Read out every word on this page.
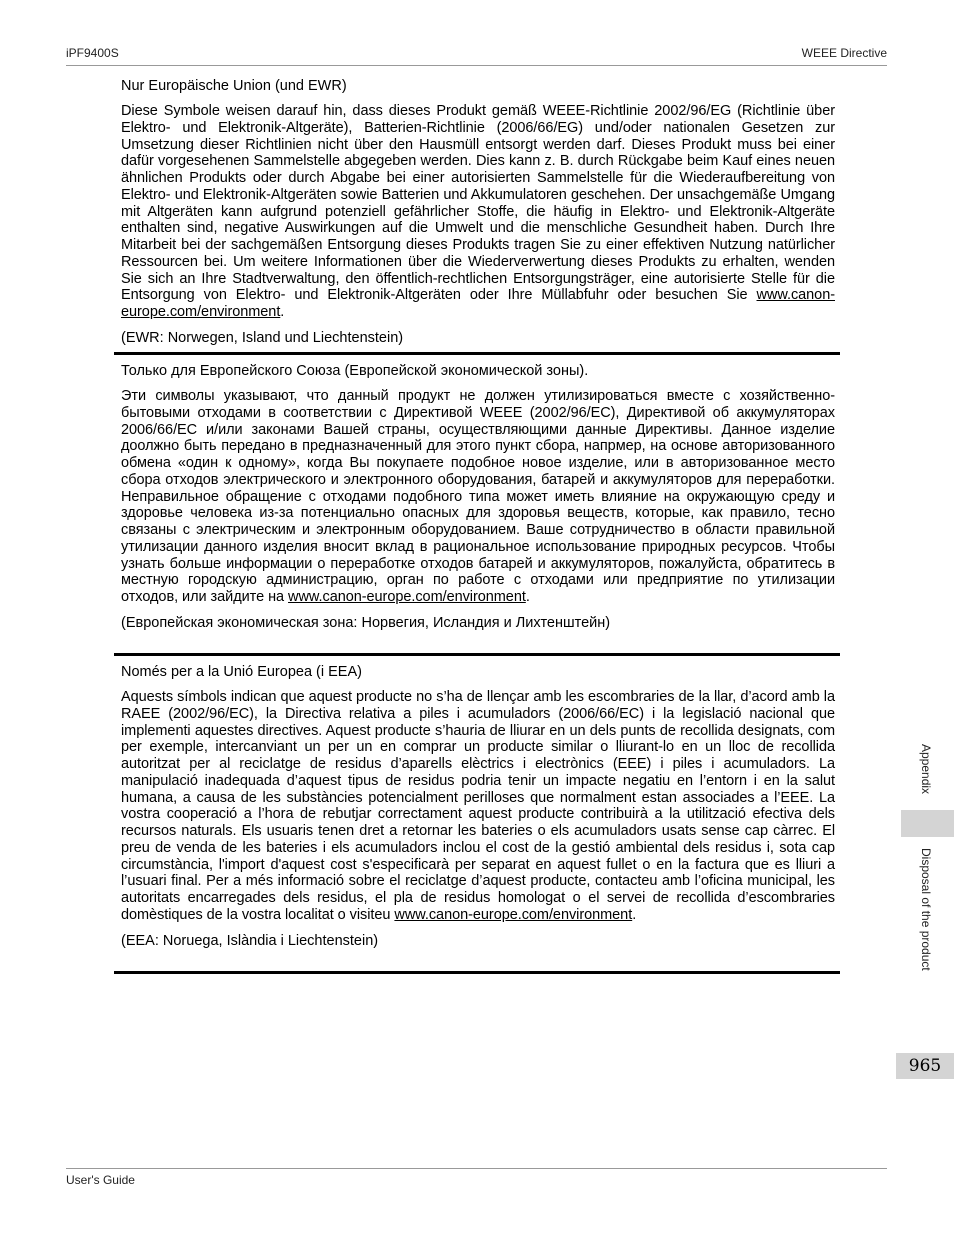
iPF9400S	WEEE Directive

Nur Europäische Union (und EWR)

Diese Symbole weisen darauf hin, dass dieses Produkt gemäß WEEE-Richtlinie 2002/96/EG (Richtlinie über Elektro- und Elektronik-Altgeräte), Batterien-Richtlinie (2006/66/EG) und/oder nationalen Gesetzen zur Umsetzung dieser Richtlinien nicht über den Hausmüll entsorgt werden darf. Dieses Produkt muss bei einer dafür vorgesehenen Sammelstelle abgegeben werden. Dies kann z. B. durch Rückgabe beim Kauf eines neuen ähnlichen Produkts oder durch Abgabe bei einer autorisierten Sammelstelle für die Wiederaufbereitung von Elektro- und Elektronik-Altgeräten sowie Batterien und Akkumulatoren geschehen. Der unsachgemäße Umgang mit Altgeräten kann aufgrund potenziell gefährlicher Stoffe, die häufig in Elektro- und Elektronik-Altgeräte enthalten sind, negative Auswirkungen auf die Umwelt und die menschliche Gesundheit haben. Durch Ihre Mitarbeit bei der sachgemäßen Entsorgung dieses Produkts tragen Sie zu einer effektiven Nutzung natürlicher Ressourcen bei. Um weitere Informationen über die Wiederverwertung dieses Produkts zu erhalten, wenden Sie sich an Ihre Stadtverwaltung, den öffentlich-rechtlichen Entsorgungsträger, eine autorisierte Stelle für die Entsorgung von Elektro- und Elektronik-Altgeräten oder Ihre Müllabfuhr oder besuchen Sie www.canon-europe.com/environment.

(EWR: Norwegen, Island und Liechtenstein)

Только для Европейского Союза (Европейской экономической зоны).

Эти символы указывают, что данный продукт не должен утилизироваться вместе с хозяйственно-бытовыми отходами в соответствии с Директивой WEEE (2002/96/EC), Директивой об аккумуляторах 2006/66/EC и/или законами Вашей страны, осуществляющими данные Директивы. Данное изделие доолжно быть передано в предназначенный для этого пункт сбора, напрмер, на основе авторизованного обмена «один к одному», когда Вы покупаете подобное новое изделие, или в авторизованное место сбора отходов электрического и электронного оборудования, батарей и аккумуляторов для переработки. Неправильное обращение с отходами подобного типа может иметь влияние на окружающую среду и здоровье человека из-за потенциально опасных для здоровья веществ, которые, как правило, тесно связаны с электрическим и электронным оборудованием. Ваше сотрудничество в области правильной утилизации данного изделия вносит вклад в рациональное использование природных ресурсов. Чтобы узнать больше информации о переработке отходов батарей и аккумуляторов, пожалуйста, обратитесь в местную городскую администрацию, орган по работе с отходами или предприятие по утилизации отходов, или зайдите на www.canon-europe.com/environment.

(Европейская экономическая зона: Норвегия, Исландия и Лихтенштейн)

Només per a la Unió Europea (i EEA)

Aquests símbols indican que aquest producte no s’ha de llençar amb les escombraries de la llar, d’acord amb la RAEE (2002/96/EC), la Directiva relativa a piles i acumuladors (2006/66/EC) i la legislació nacional que implementi aquestes directives. Aquest producte s’hauria de lliurar en un dels punts de recollida designats, com per exemple, intercanviant un per un en comprar un producte similar o lliurant-lo en un lloc de recollida autoritzat per al reciclatge de residus d’aparells elèctrics i electrònics (EEE) i piles i acumuladors. La manipulació inadequada d’aquest tipus de residus podria tenir un impacte negatiu en l’entorn i en la salut humana, a causa de les substàncies potencialment perilloses que normalment estan associades a l’EEE. La vostra cooperació a l’hora de rebutjar correctament aquest producte contribuirà a la utilització efectiva dels recursos naturals. Els usuaris tenen dret a retornar les bateries o els acumuladors usats sense cap càrrec. El preu de venda de les bateries i els acumuladors inclou el cost de la gestió ambiental dels residus i, sota cap circumstància, l'import d'aquest cost s'especificarà per separat en aquest fullet o en la factura que es lliuri a l’usuari final. Per a més informació sobre el reciclatge d’aquest producte, contacteu amb l’oficina municipal, les autoritats encarregades dels residus, el pla de residus homologat o el servei de recollida d’escombraries domèstiques de la vostra localitat o visiteu www.canon-europe.com/environment.

(EEA: Noruega, Islàndia i Liechtenstein)

Appendix
Disposal of the product
965
User's Guide
